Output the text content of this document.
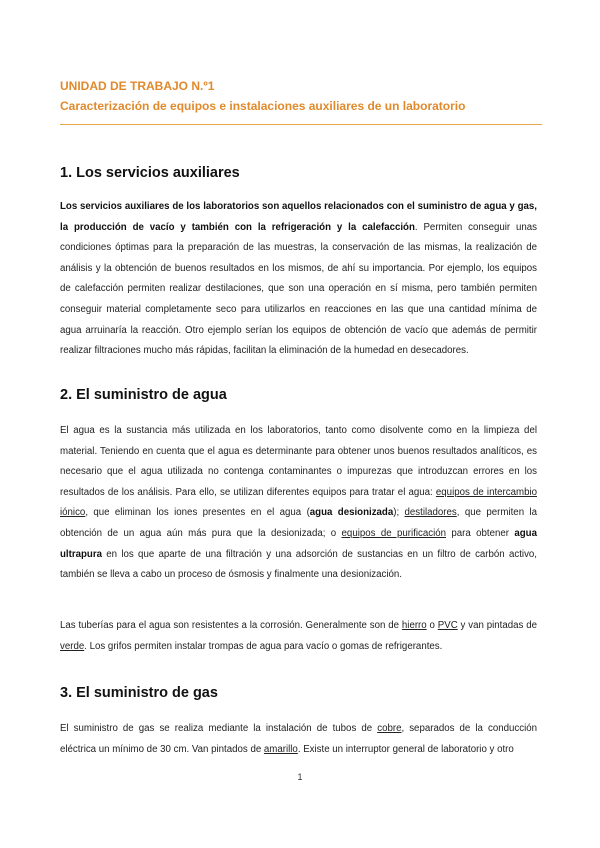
UNIDAD DE TRABAJO N.º1
Caracterización de equipos e instalaciones auxiliares de un laboratorio
1. Los servicios auxiliares
Los servicios auxiliares de los laboratorios son aquellos relacionados con el suministro de agua y gas, la producción de vacío y también con la refrigeración y la calefacción. Permiten conseguir unas condiciones óptimas para la preparación de las muestras, la conservación de las mismas, la realización de análisis y la obtención de buenos resultados en los mismos, de ahí su importancia. Por ejemplo, los equipos de calefacción permiten realizar destilaciones, que son una operación en sí misma, pero también permiten conseguir material completamente seco para utilizarlos en reacciones en las que una cantidad mínima de agua arruinaría la reacción. Otro ejemplo serían los equipos de obtención de vacío que además de permitir realizar filtraciones mucho más rápidas, facilitan la eliminación de la humedad en desecadores.
2. El suministro de agua
El agua es la sustancia más utilizada en los laboratorios, tanto como disolvente como en la limpieza del material. Teniendo en cuenta que el agua es determinante para obtener unos buenos resultados analíticos, es necesario que el agua utilizada no contenga contaminantes o impurezas que introduzcan errores en los resultados de los análisis. Para ello, se utilizan diferentes equipos para tratar el agua: equipos de intercambio iónico, que eliminan los iones presentes en el agua (agua desionizada); destiladores, que permiten la obtención de un agua aún más pura que la desionizada; o equipos de purificación para obtener agua ultrapura en los que aparte de una filtración y una adsorción de sustancias en un filtro de carbón activo, también se lleva a cabo un proceso de ósmosis y finalmente una desionización.
Las tuberías para el agua son resistentes a la corrosión. Generalmente son de hierro o PVC y van pintadas de verde. Los grifos permiten instalar trompas de agua para vacío o gomas de refrigerantes.
3. El suministro de gas
El suministro de gas se realiza mediante la instalación de tubos de cobre, separados de la conducción eléctrica un mínimo de 30 cm. Van pintados de amarillo. Existe un interruptor general de laboratorio y otro
1
